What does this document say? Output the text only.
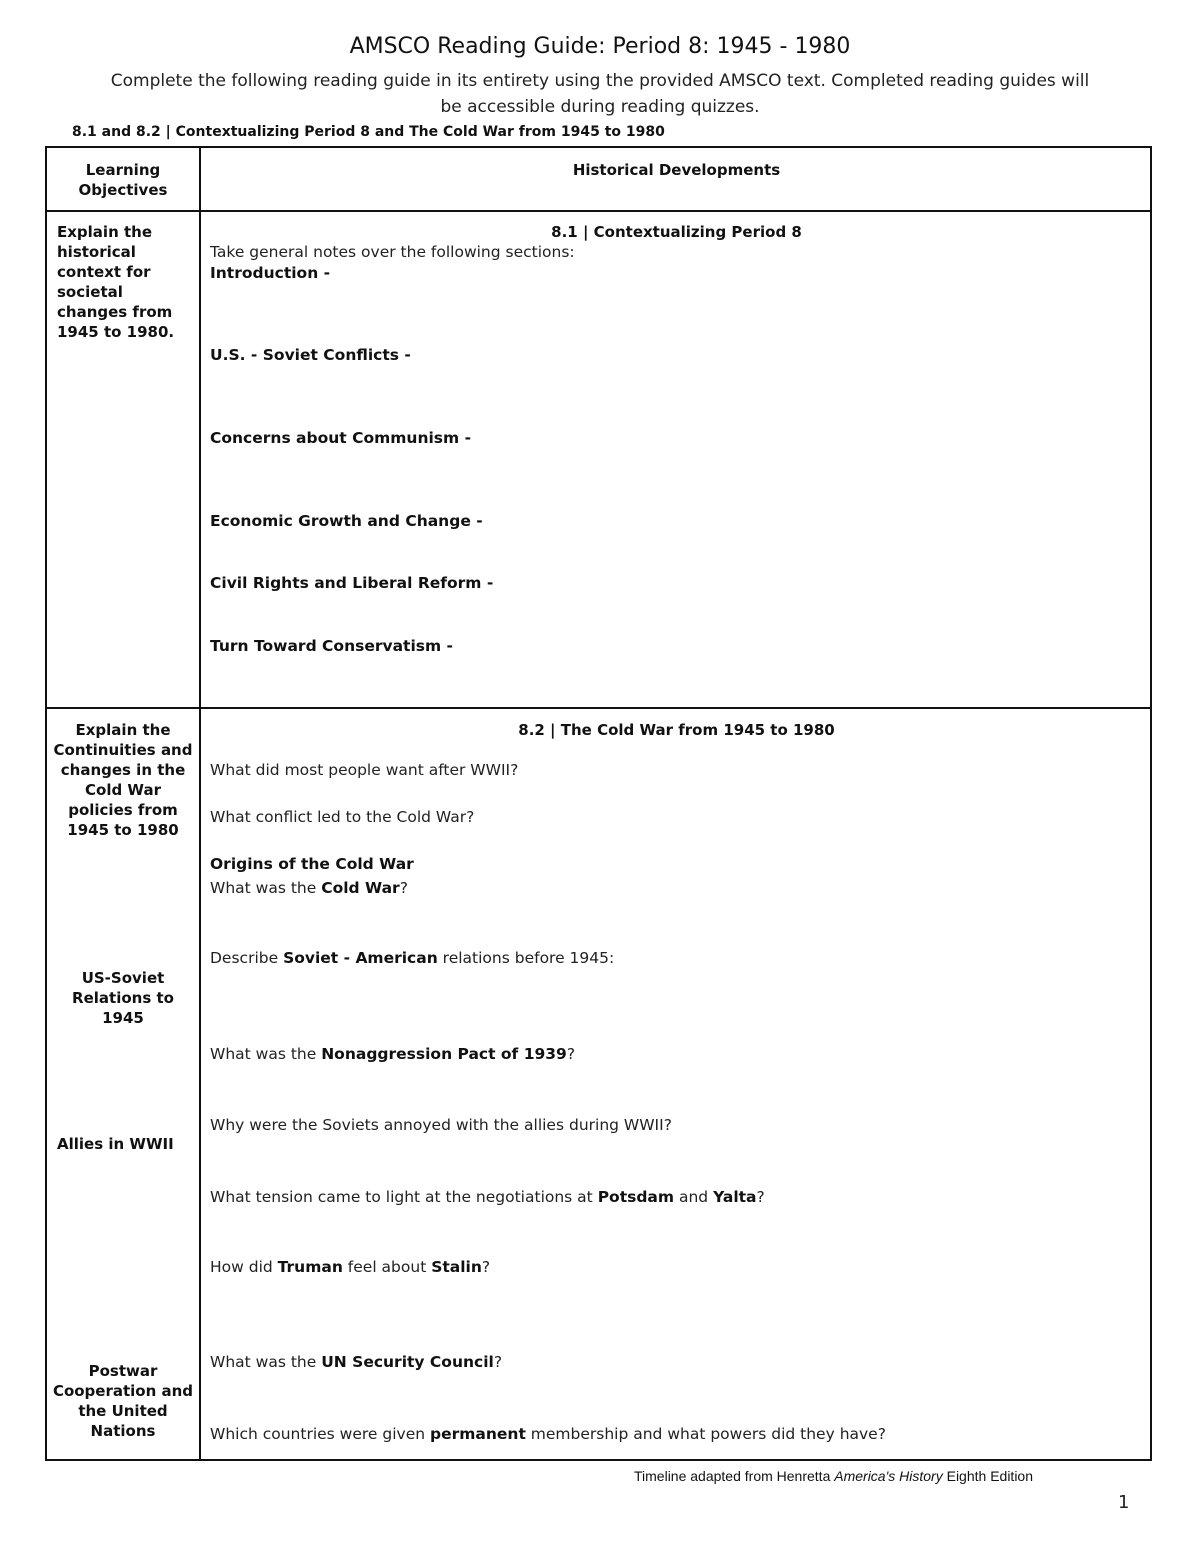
AMSCO Reading Guide: Period 8: 1945 - 1980
Complete the following reading guide in its entirety using the provided AMSCO text. Completed reading guides will
be accessible during reading quizzes.
8.1 and 8.2 | Contextualizing Period 8 and The Cold War from 1945 to 1980
Learning Objectives
Historical Developments
Explain the historical context for societal changes from 1945 to 1980.
8.1 | Contextualizing Period 8
Take general notes over the following sections:
Introduction -
U.S. - Soviet Conflicts -
Concerns about Communism -
Economic Growth and Change -
Civil Rights and Liberal Reform -
Turn Toward Conservatism -
Explain the Continuities and changes in the Cold War policies from 1945 to 1980
US-Soviet Relations to 1945
Allies in WWII
Postwar Cooperation and the United Nations
8.2 | The Cold War from 1945 to 1980
What did most people want after WWII?
What conflict led to the Cold War?
Origins of the Cold War
What was the Cold War?
Describe Soviet - American relations before 1945:
What was the Nonaggression Pact of 1939?
Why were the Soviets annoyed with the allies during WWII?
What tension came to light at the negotiations at Potsdam and Yalta?
How did Truman feel about Stalin?
What was the UN Security Council?
Which countries were given permanent membership and what powers did they have?
Timeline adapted from Henretta America's History Eighth Edition
1
